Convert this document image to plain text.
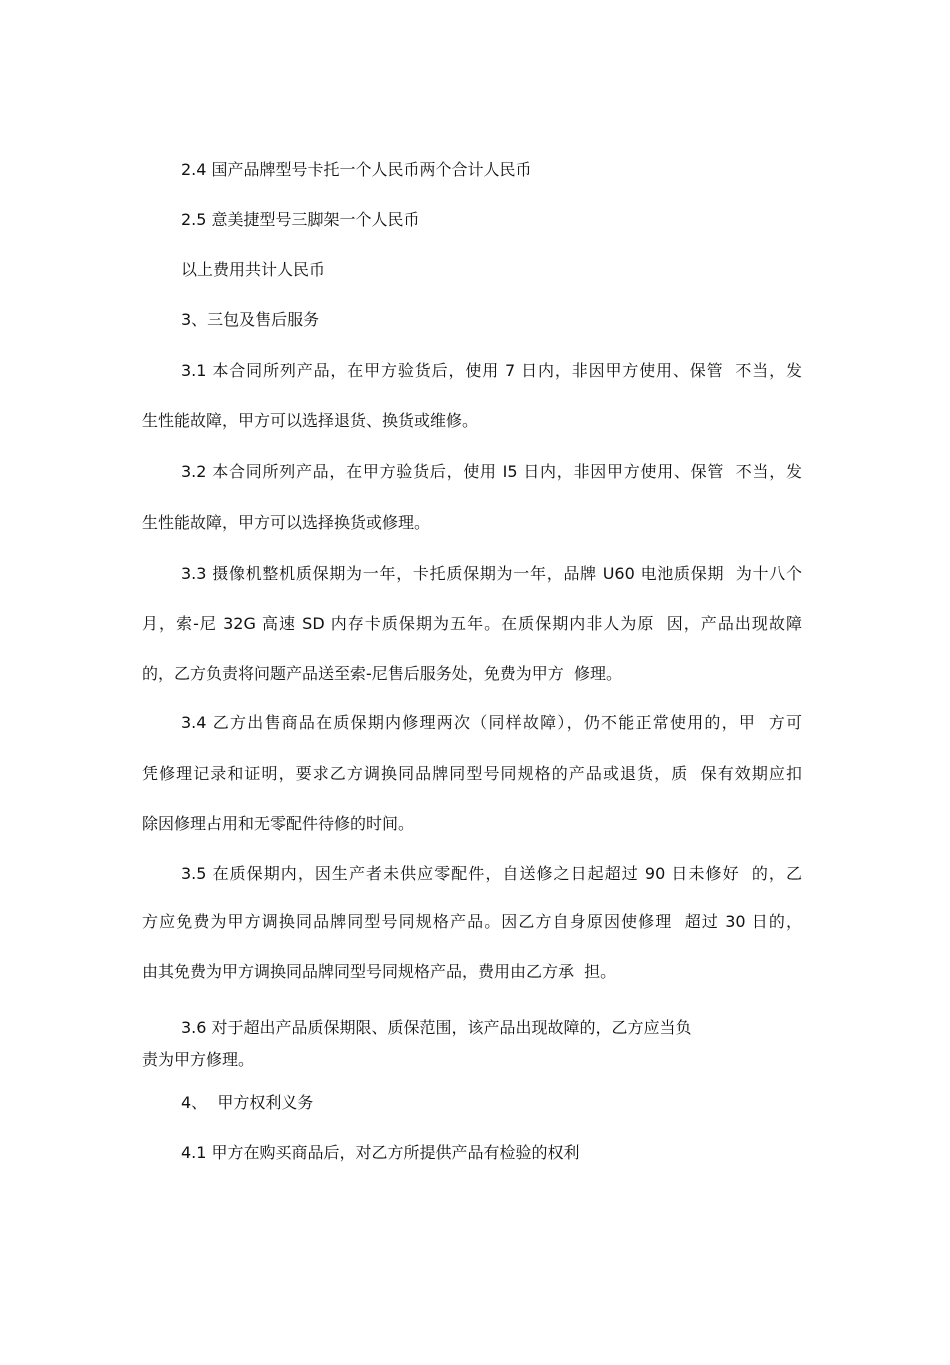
2.4 国产品牌型号卡托一个人民币两个合计人民币

2.5 意美捷型号三脚架一个人民币

以上费用共计人民币

3、三包及售后服务

3.1 本合同所列产品，在甲方验货后，使用 7 日内，非因甲方使用、保管  不当，发

生性能故障，甲方可以选择退货、换货或维修。

3.2 本合同所列产品，在甲方验货后，使用 I5 日内，非因甲方使用、保管  不当，发

生性能故障，甲方可以选择换货或修理。

3.3 摄像机整机质保期为一年，卡托质保期为一年，品牌 U60 电池质保期  为十八个

月，索-尼 32G 高速 SD 内存卡质保期为五年。在质保期内非人为原  因，产品出现故障

的，乙方负责将问题产品送至索-尼售后服务处，免费为甲方  修理。

3.4 乙方出售商品在质保期内修理两次（同样故障），仍不能正常使用的，甲  方可

凭修理记录和证明，要求乙方调换同品牌同型号同规格的产品或退货，质  保有效期应扣

除因修理占用和无零配件待修的时间。

3.5 在质保期内，因生产者未供应零配件，自送修之日起超过 90 日未修好  的，乙

方应免费为甲方调换同品牌同型号同规格产品。因乙方自身原因使修理  超过 30 日的，

由其免费为甲方调换同品牌同型号同规格产品，费用由乙方承  担。

3.6 对于超出产品质保期限、质保范围，该产品出现故障的，乙方应当负

责为甲方修理。

4、  甲方权利义务

4.1 甲方在购买商品后，对乙方所提供产品有检验的权利
